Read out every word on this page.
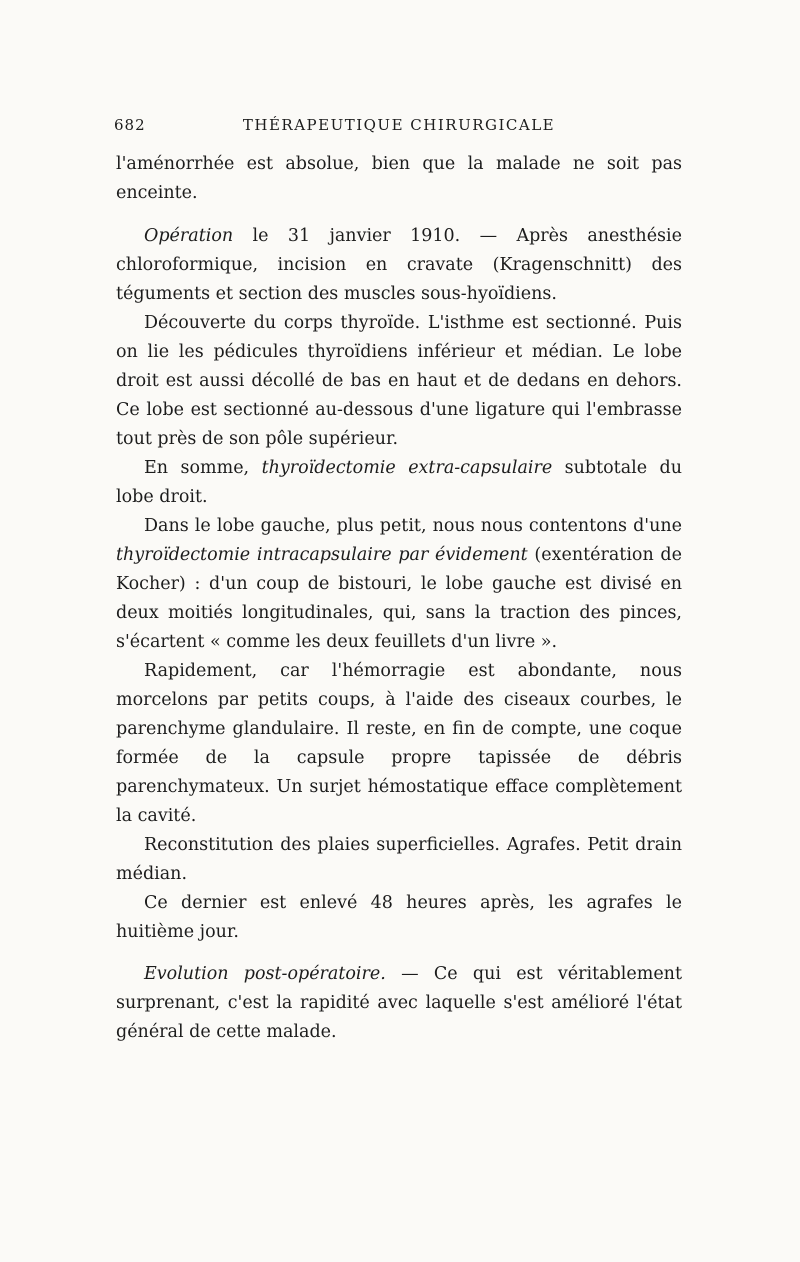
682	THÉRAPEUTIQUE CHIRURGICALE

l'aménorrhée est absolue, bien que la malade ne soit pas enceinte.

Opération le 31 janvier 1910. — Après anesthésie chloroformique, incision en cravate (Kragenschnitt) des téguments et section des muscles sous-hyoïdiens.

Découverte du corps thyroïde. L'isthme est sectionné. Puis on lie les pédicules thyroïdiens inférieur et médian. Le lobe droit est aussi décollé de bas en haut et de dedans en dehors. Ce lobe est sectionné au-dessous d'une ligature qui l'embrasse tout près de son pôle supérieur.

En somme, thyroïdectomie extra-capsulaire subtotale du lobe droit.

Dans le lobe gauche, plus petit, nous nous contentons d'une thyroïdectomie intracapsulaire par évidement (exentération de Kocher) : d'un coup de bistouri, le lobe gauche est divisé en deux moitiés longitudinales, qui, sans la traction des pinces, s'écartent « comme les deux feuillets d'un livre ».

Rapidement, car l'hémorragie est abondante, nous morcelons par petits coups, à l'aide des ciseaux courbes, le parenchyme glandulaire. Il reste, en fin de compte, une coque formée de la capsule propre tapissée de débris parenchymateux. Un surjet hémostatique efface complètement la cavité.

Reconstitution des plaies superficielles. Agrafes. Petit drain médian.

Ce dernier est enlevé 48 heures après, les agrafes le huitième jour.

Evolution post-opératoire. — Ce qui est véritablement surprenant, c'est la rapidité avec laquelle s'est amélioré l'état général de cette malade.
